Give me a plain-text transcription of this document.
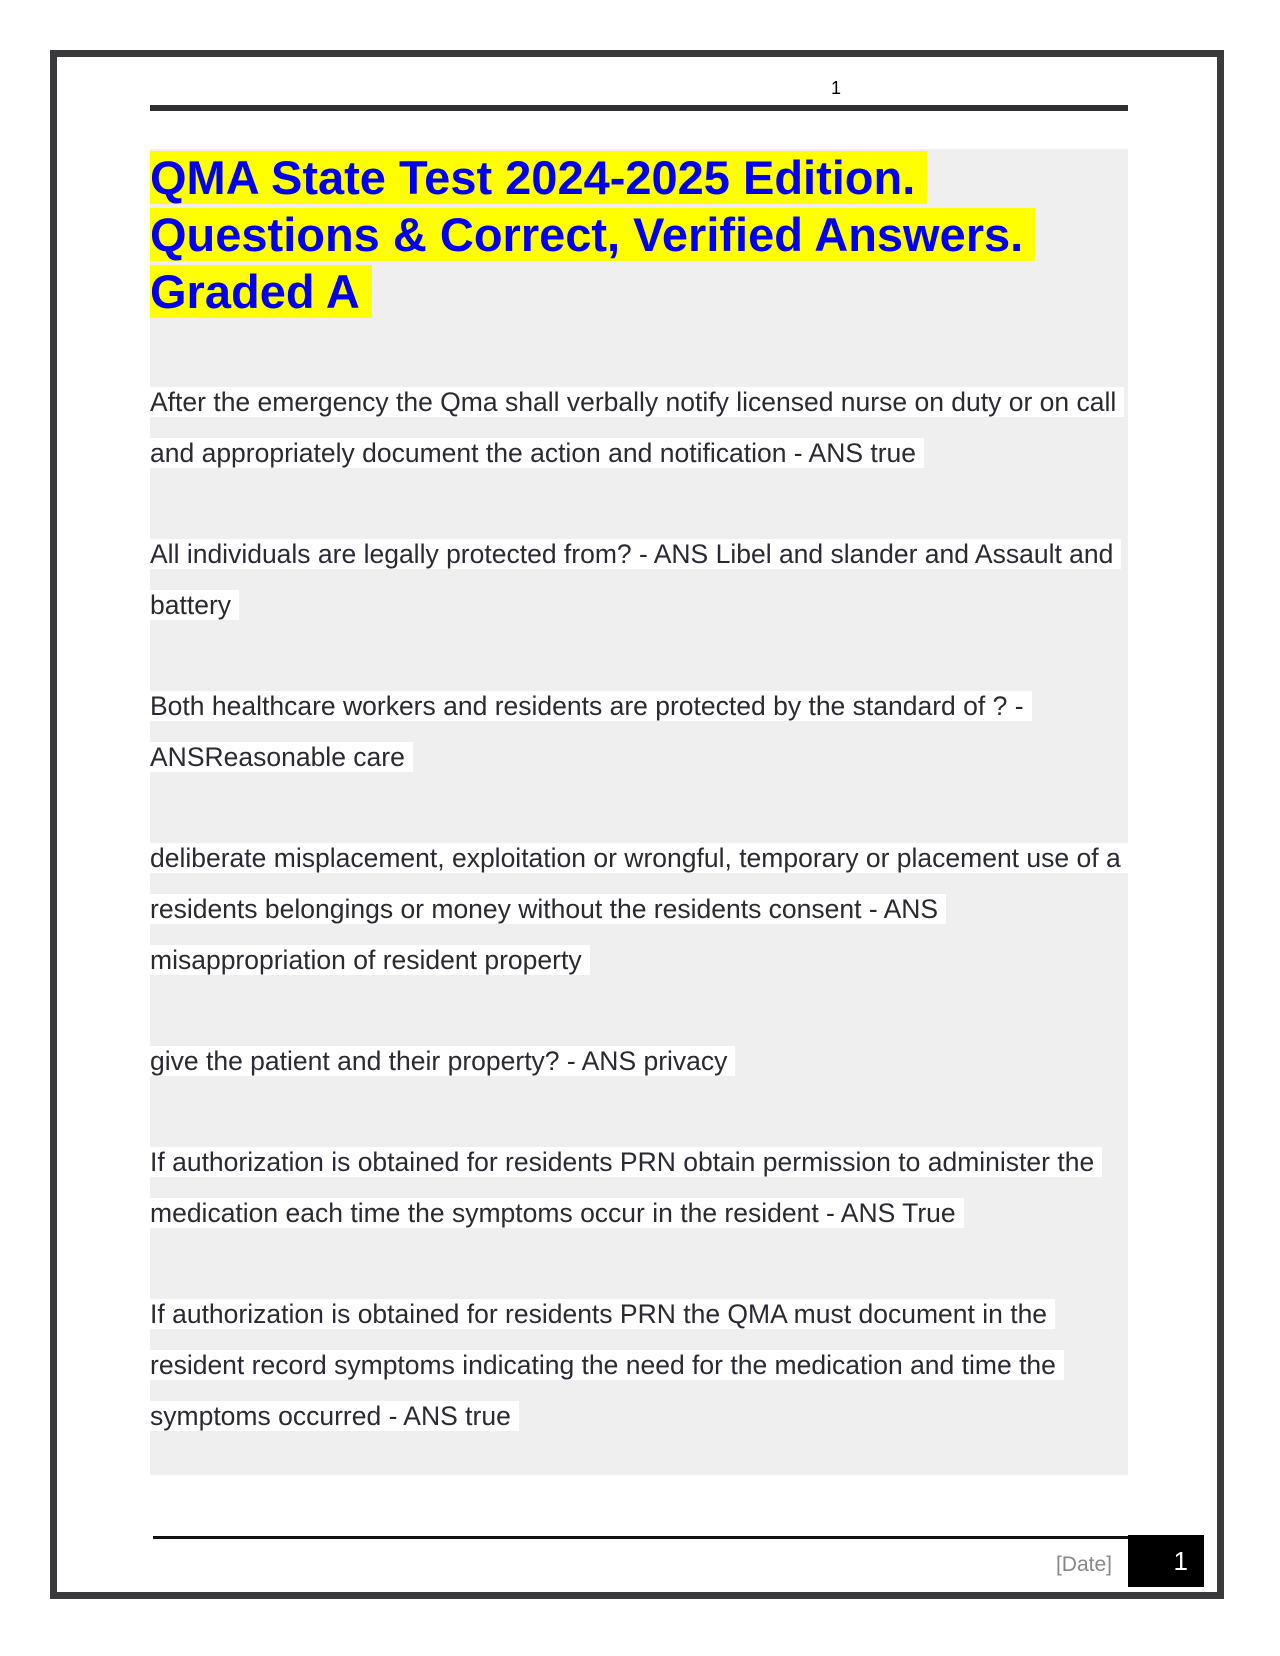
1
QMA State Test 2024-2025 Edition.
Questions & Correct, Verified Answers.
Graded A

After the emergency the Qma shall verbally notify licensed nurse on duty or on call and appropriately document the action and notification - ANS true

All individuals are legally protected from? - ANS Libel and slander and Assault and battery

Both healthcare workers and residents are protected by the standard of ? - ANSReasonable care

deliberate misplacement, exploitation or wrongful, temporary or placement use of a residents belongings or money without the residents consent - ANS misappropriation of resident property

give the patient and their property? - ANS privacy

If authorization is obtained for residents PRN obtain permission to administer the medication each time the symptoms occur in the resident - ANS True

If authorization is obtained for residents PRN the QMA must document in the resident record symptoms indicating the need for the medication and time the symptoms occurred - ANS true

[Date]	1
